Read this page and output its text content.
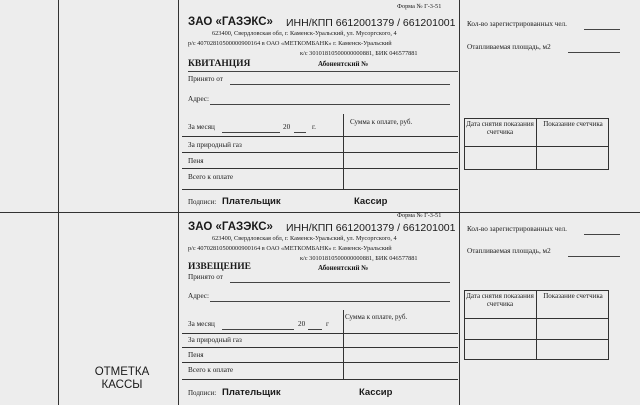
Форма № Г-3-51
ЗАО «ГАЗЭКС» ИНН/КПП 6612001379 / 661201001
623400, Свердловская обл, г. Каменск-Уральский, ул. Мусоргского, 4
р/с 40702810500000900164 в ОАО «МЕТКОМБАНК» г. Каменск-Уральский
к/с 30101810500000000881, БИК 046577881
КВИТАНЦИЯ	Абонентский №
Принято от
Адрес:
Сумма к оплате, руб.
За месяц	20	г.
За природный газ
Пеня
Всего к оплате
Подписи: Плательщик	Кассир
Кол-во зарегистрированных чел.
Отапливаемая площадь, м2
Дата снятия показания счетчика
Показание счетчика
Форма № Г-3-51
ЗАО «ГАЗЭКС» ИНН/КПП 6612001379 / 661201001
623400, Свердловская обл, г. Каменск-Уральский, ул. Мусоргского, 4
р/с 40702810500000900164 в ОАО «МЕТКОМБАНК» г. Каменск-Уральский
к/с 30101810500000000881, БИК 046577881
ИЗВЕЩЕНИЕ	Абонентский №
Принято от
Адрес:
Сумма к оплате, руб.
За месяц	20	г
За природный газ
Пеня
Всего к оплате
Подписи: Плательщик	Кассир
Кол-во зарегистрированных чел.
Отапливаемая площадь, м2
Дата снятия показания счетчика
Показание счетчика
ОТМЕТКА КАССЫ
